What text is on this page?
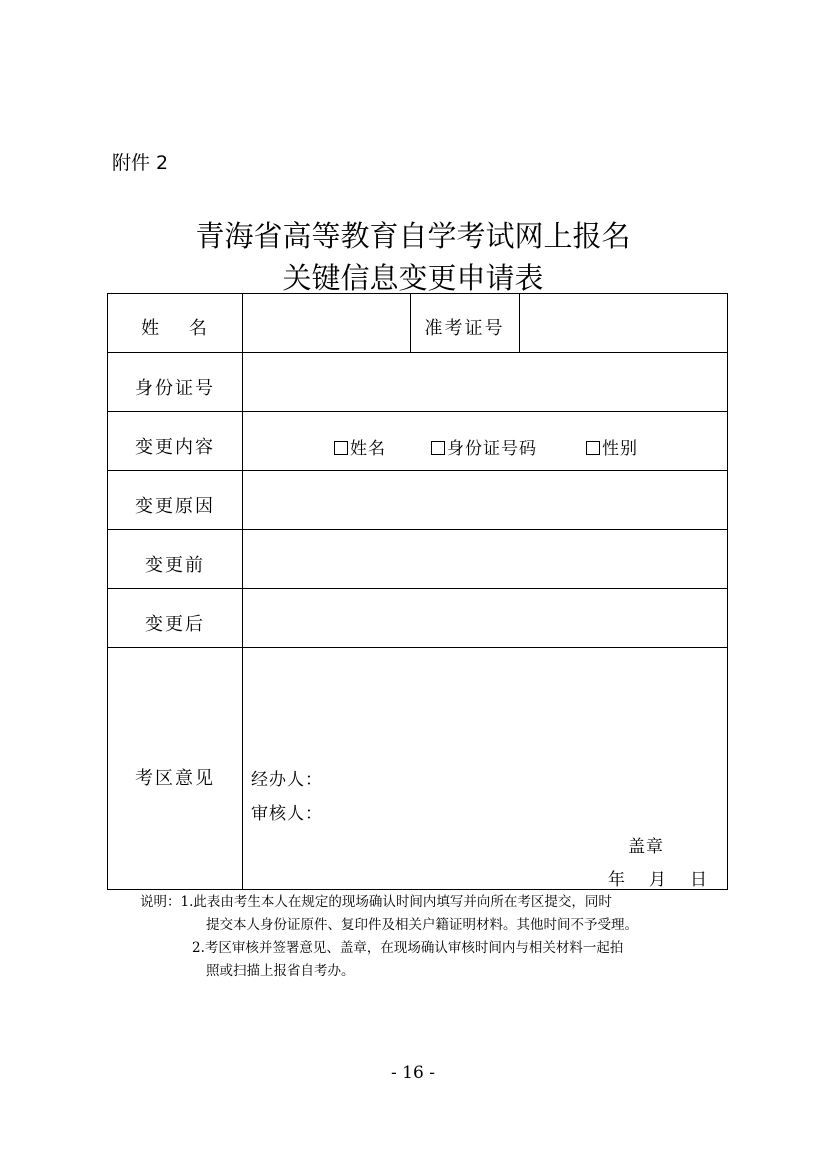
附件 2
青海省高等教育自学考试网上报名
关键信息变更申请表
姓　 名	准考证号
身份证号
变更内容	姓名	身份证号码	性别
变更原因
变更前
变更后
考区意见	经办人：
审核人：
盖章
年 月 日
说明：1.此表由考生本人在规定的现场确认时间内填写并向所在考区提交，同时
提交本人身份证原件、复印件及相关户籍证明材料。其他时间不予受理。
2.考区审核并签署意见、盖章，在现场确认审核时间内与相关材料一起拍
照或扫描上报省自考办。
- 16 -
